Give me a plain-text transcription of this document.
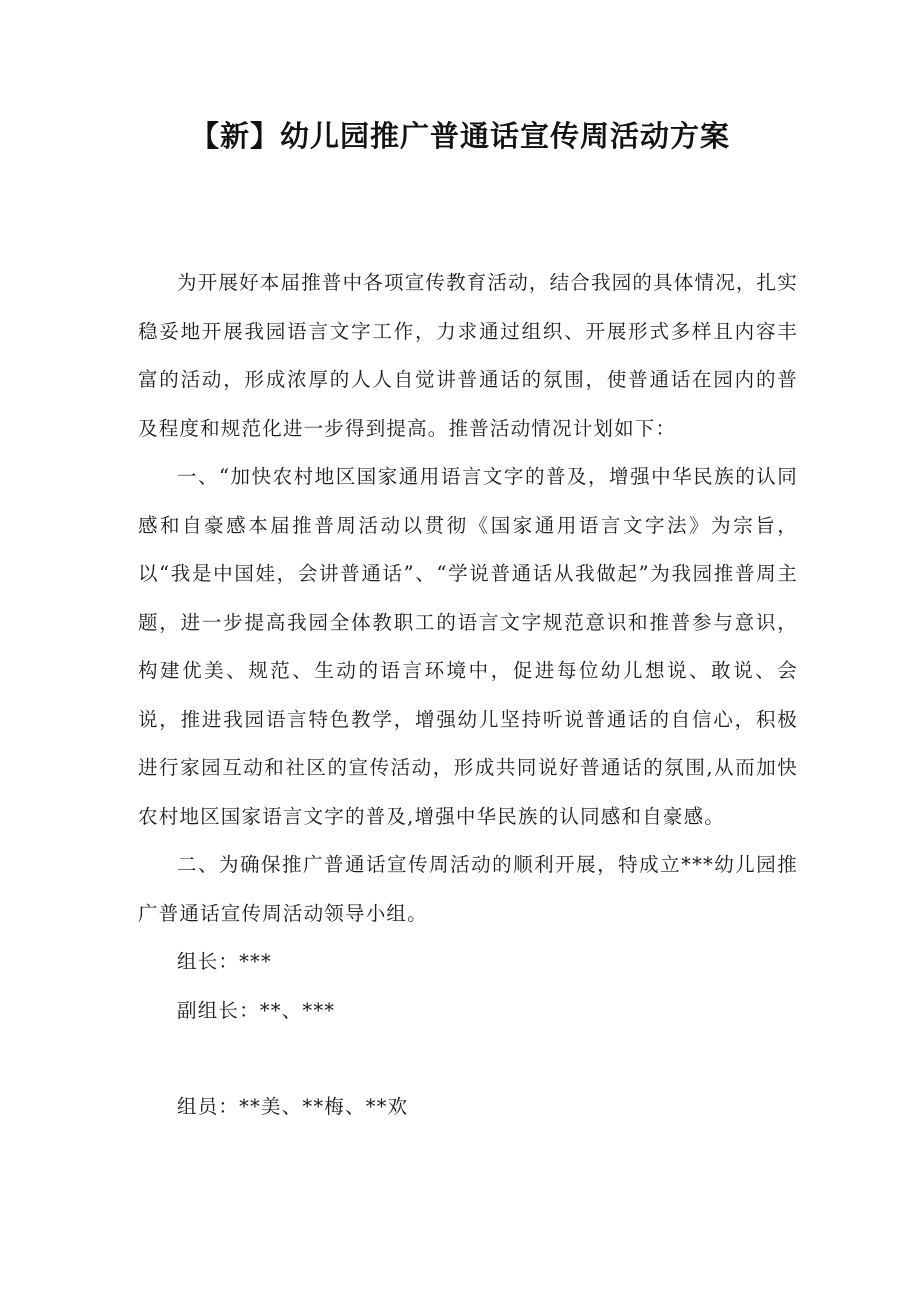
【新】幼儿园推广普通话宣传周活动方案

为开展好本届推普中各项宣传教育活动，结合我园的具体情况，扎实稳妥地开展我园语言文字工作，力求通过组织、开展形式多样且内容丰富的活动，形成浓厚的人人自觉讲普通话的氛围，使普通话在园内的普及程度和规范化进一步得到提高。推普活动情况计划如下：

一、“加快农村地区国家通用语言文字的普及，增强中华民族的认同感和自豪感本届推普周活动以贯彻《国家通用语言文字法》为宗旨，以“我是中国娃，会讲普通话”、“学说普通话从我做起”为我园推普周主题，进一步提高我园全体教职工的语言文字规范意识和推普参与意识，构建优美、规范、生动的语言环境中，促进每位幼儿想说、敢说、会说，推进我园语言特色教学，增强幼儿坚持听说普通话的自信心，积极进行家园互动和社区的宣传活动，形成共同说好普通话的氛围,从而加快农村地区国家语言文字的普及,增强中华民族的认同感和自豪感。

二、为确保推广普通话宣传周活动的顺利开展，特成立***幼儿园推广普通话宣传周活动领导小组。

组长：***

副组长：**、***

组员：**美、**梅、**欢
